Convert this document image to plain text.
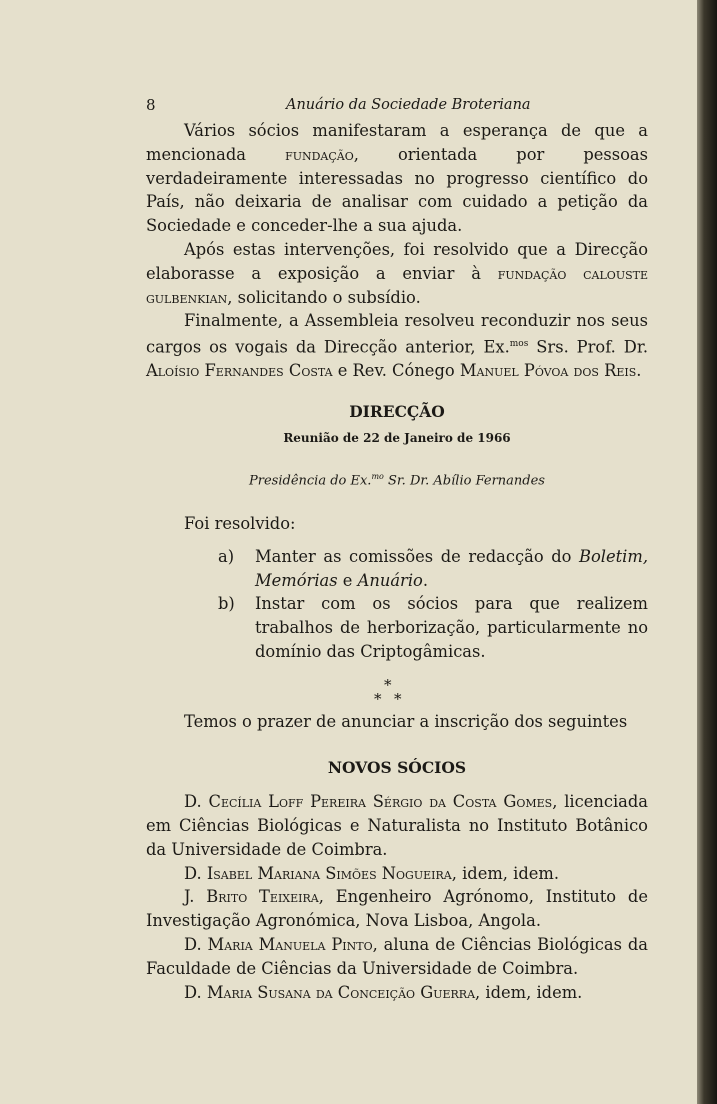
8	Anuário da Sociedade Broteriana

Vários sócios manifestaram a esperança de que a mencionada fundação, orientada por pessoas verdadeiramente interessadas no progresso científico do País, não deixaria de analisar com cuidado a petição da Sociedade e conceder-lhe a sua ajuda.

Após estas intervenções, foi resolvido que a Direcção elaborasse a exposição a enviar à fundação calouste gulbenkian, solicitando o subsídio.

Finalmente, a Assembleia resolveu reconduzir nos seus cargos os vogais da Direcção anterior, Ex.$^{mos}$ Srs. Prof. Dr. Aloísio Fernandes Costa e Rev. Cónego Manuel Póvoa dos Reis.

DIRECÇÃO

Reunião de 22 de Janeiro de 1966

Presidência do Ex.$^{mo}$ Sr. Dr. Abílio Fernandes

Foi resolvido:

a)	Manter as comissões de redacção do Boletim, Memórias e Anuário.
b)	Instar com os sócios para que realizem trabalhos de herborização, particularmente no domínio das Criptogâmicas.
*
* *

Temos o prazer de anunciar a inscrição dos seguintes

NOVOS SÓCIOS

D. Cecília Loff Pereira Sérgio da Costa Gomes, licenciada em Ciências Biológicas e Naturalista no Instituto Botânico da Universidade de Coimbra.

D. Isabel Mariana Simões Nogueira, idem, idem.

J. Brito Teixeira, Engenheiro Agrónomo, Instituto de Investigação Agronómica, Nova Lisboa, Angola.

D. Maria Manuela Pinto, aluna de Ciências Biológicas da Faculdade de Ciências da Universidade de Coimbra.

D. Maria Susana da Conceição Guerra, idem, idem.
